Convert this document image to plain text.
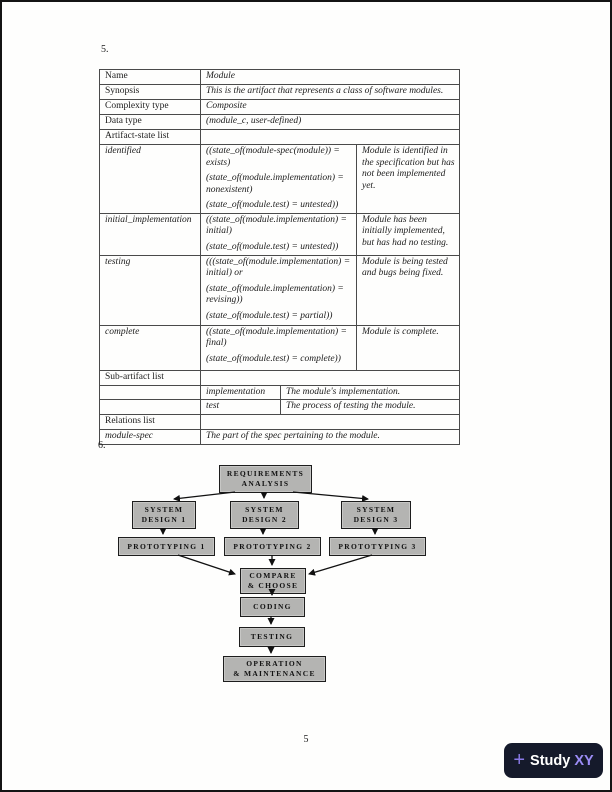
5.
Name	Module		
Synopsis	This is the artifact that represents a class of software modules.		
Complexity type	Composite		
Data type	(module_c, user-defined)		
Artifact-state list			
identified	((state_of(module-spec(module)) = exists)
(state_of(module.implementation) = nonexistent)
(state_of(module.test) = untested))		Module is identified in the specification but has not been implemented yet.
initial_implementation	((state_of(module.implementation) = initial)
(state_of(module.test) = untested))		Module has been initially implemented, but has had no testing.
testing	(((state_of(module.implementation) = initial) or
(state_of(module.implementation) = revising))
(state_of(module.test) = partial))		Module is being tested and bugs being fixed.
complete	((state_of(module.implementation) = final)
(state_of(module.test) = complete))		Module is complete.
Sub-artifact list			
	implementation	The module's implementation.	
	test	The process of testing the module.	
Relations list			
module-spec	The part of the spec pertaining to the module.		
6.
REQUIREMENTS
ANALYSIS
SYSTEM
DESIGN 1
SYSTEM
DESIGN 2
SYSTEM
DESIGN 3
PROTOTYPING 1	PROTOTYPING 2	PROTOTYPING 3
COMPARE
& CHOOSE
CODING
TESTING
OPERATION
& MAINTENANCE
5
+ Study XY
